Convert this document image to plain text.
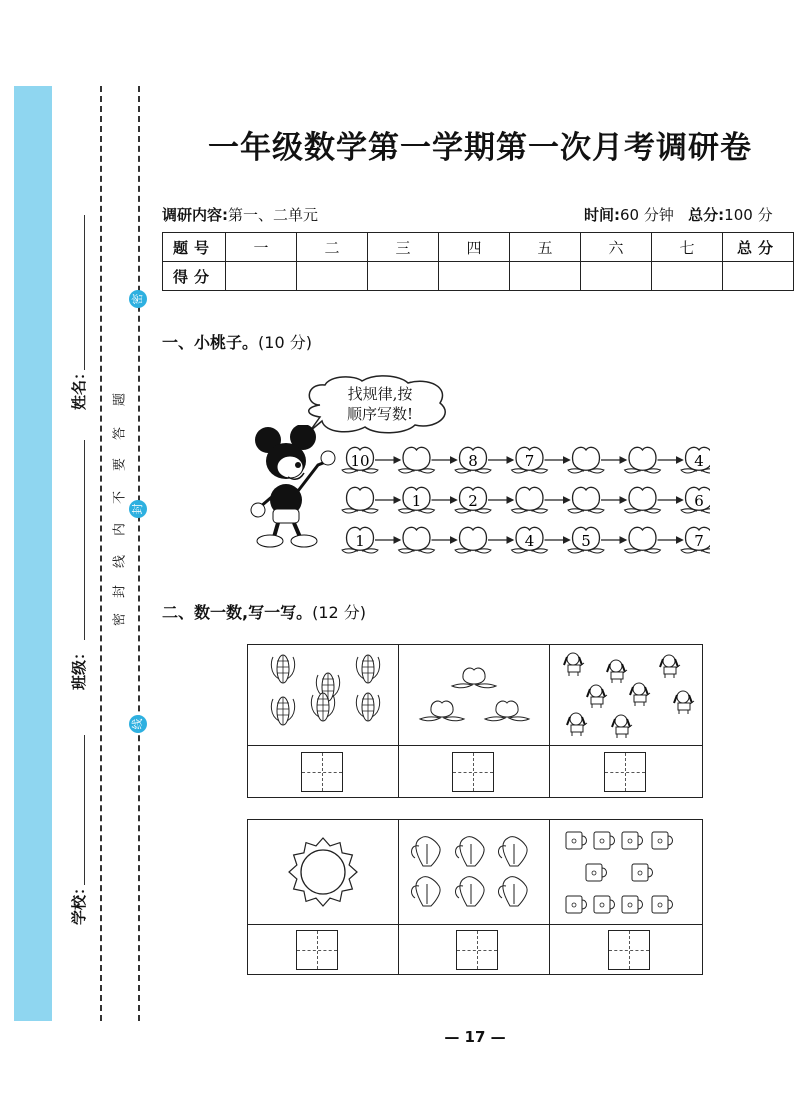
学校：
班级：
姓名：
密
封
线
密
封
线
内
不
要
答
题
一年级数学第一学期第一次月考调研卷
调研内容:第一、二单元	时间:60 分钟 总分:100 分
题号	一	二	三	四	五	六	七	总分
得分								
一、小桃子。(10 分)
找规律,按
顺序写数!
10	8	7	4
1	2	6
1	4	5	7
二、数一数,写一写。(12 分)
— 17 —
